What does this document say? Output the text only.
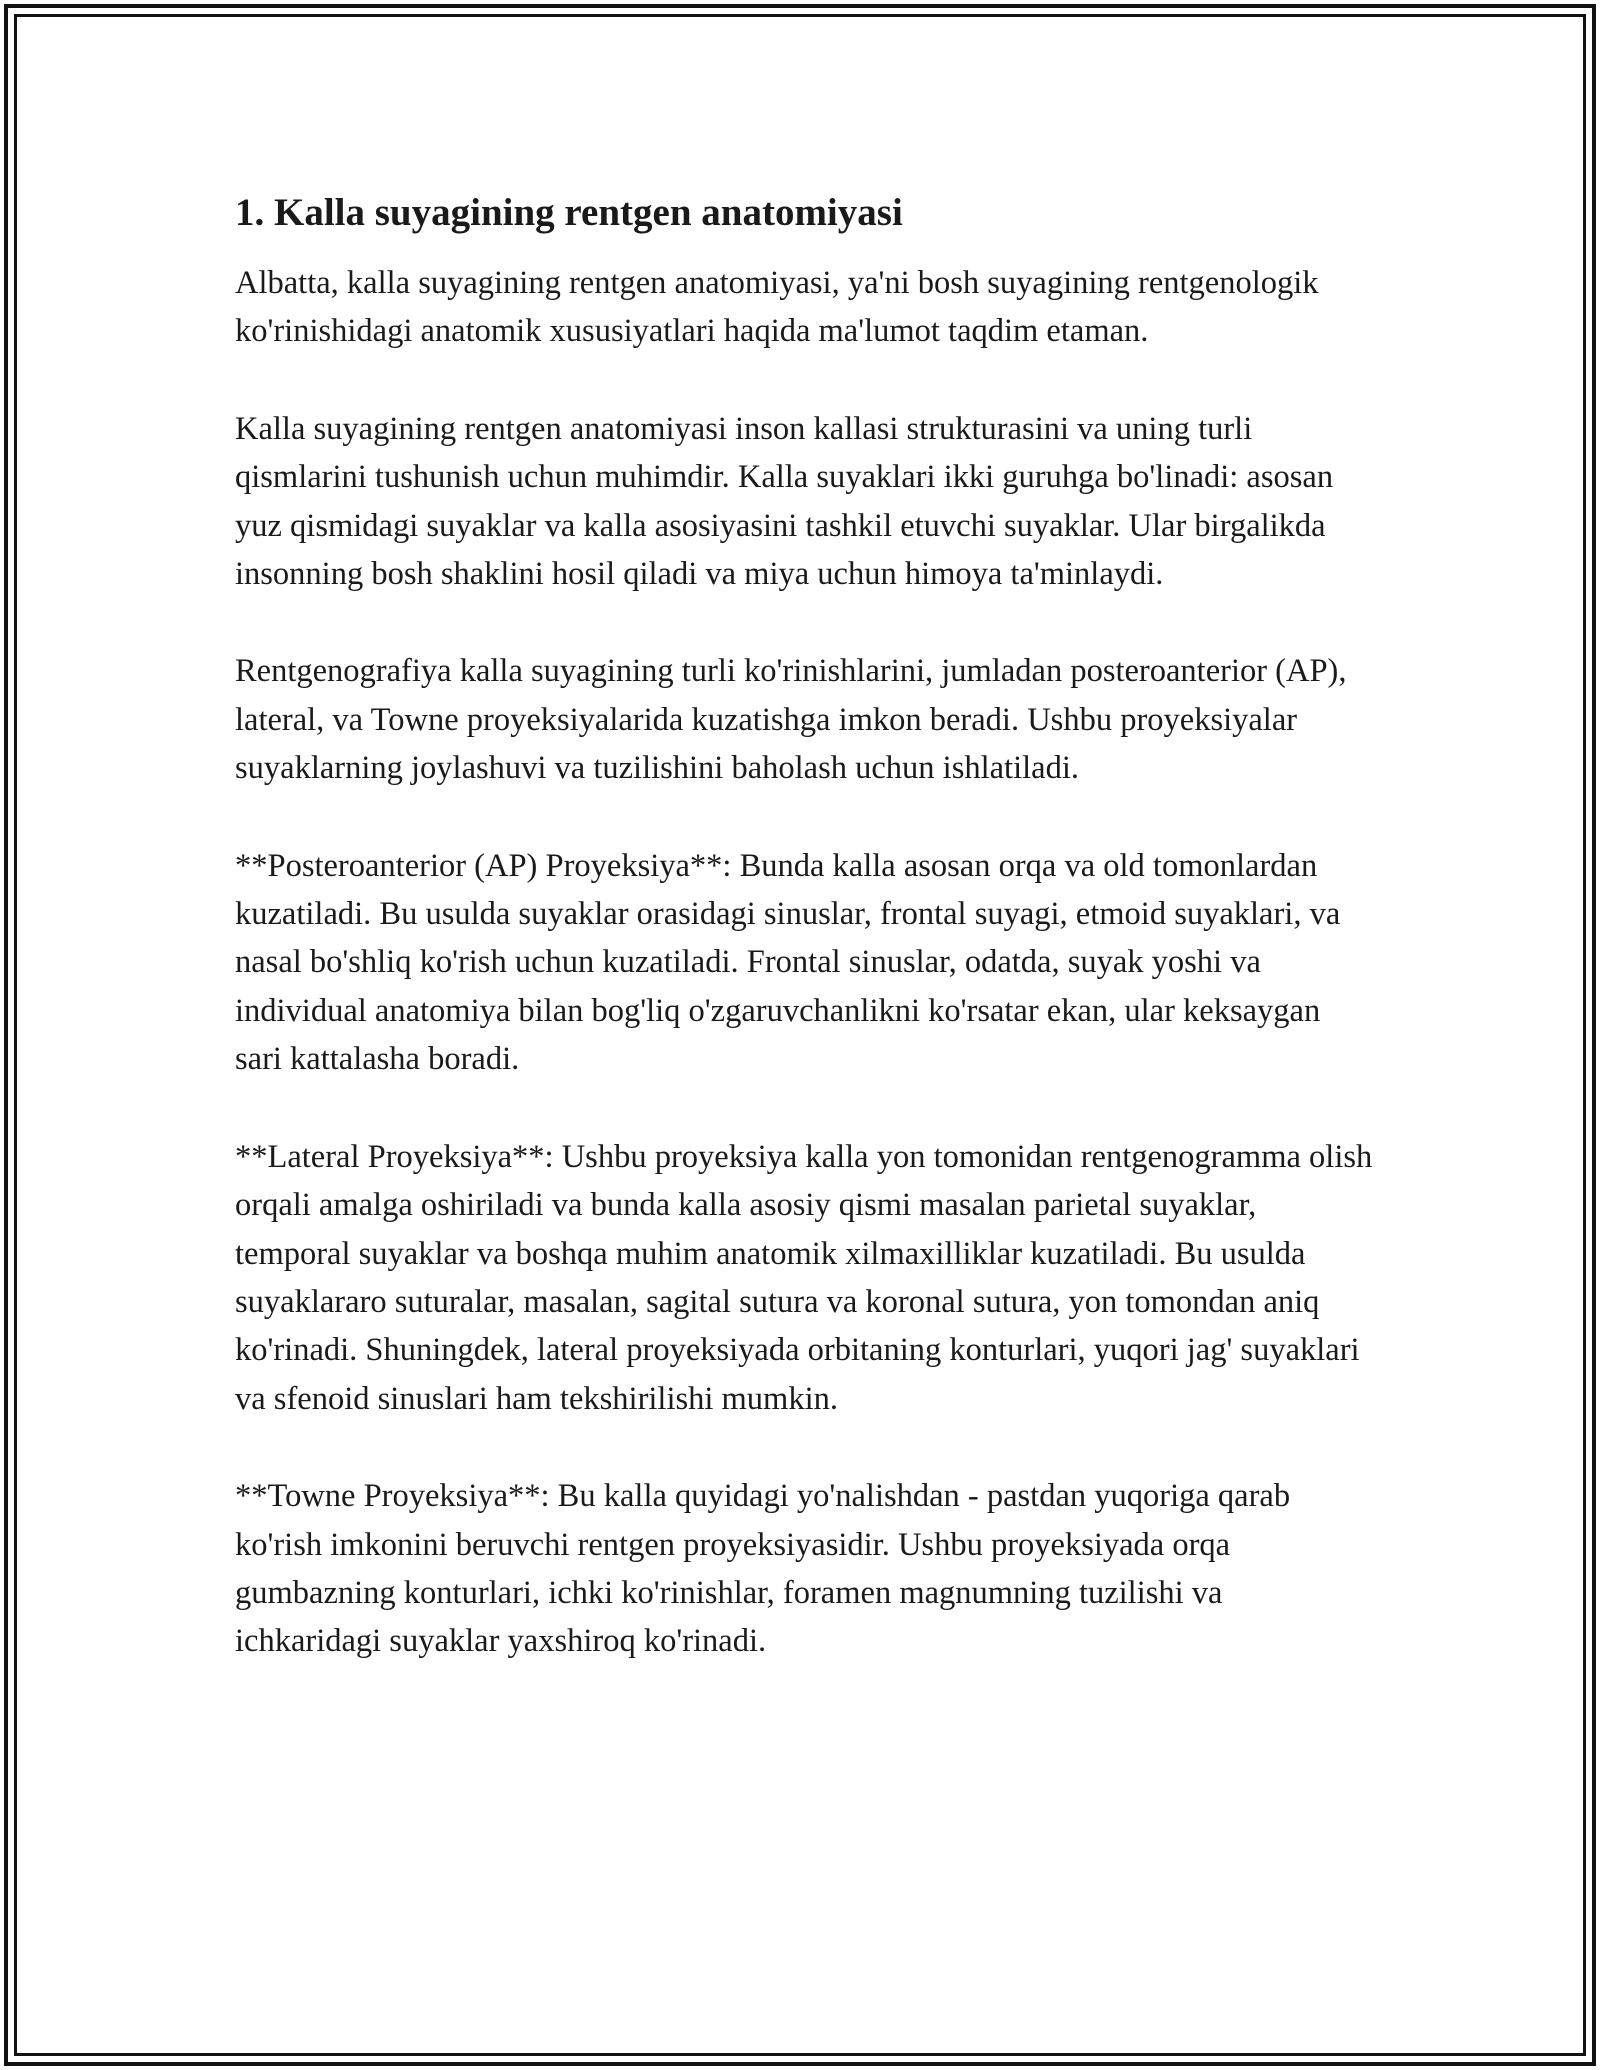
1. Kalla suyagining rentgen anatomiyasi

Albatta, kalla suyagining rentgen anatomiyasi, ya'ni bosh suyagining rentgenologik ko'rinishidagi anatomik xususiyatlari haqida ma'lumot taqdim etaman.

Kalla suyagining rentgen anatomiyasi inson kallasi strukturasini va uning turli qismlarini tushunish uchun muhimdir. Kalla suyaklari ikki guruhga bo'linadi: asosan yuz qismidagi suyaklar va kalla asosiyasini tashkil etuvchi suyaklar. Ular birgalikda insonning bosh shaklini hosil qiladi va miya uchun himoya ta'minlaydi.

Rentgenografiya kalla suyagining turli ko'rinishlarini, jumladan posteroanterior (AP), lateral, va Towne proyeksiyalarida kuzatishga imkon beradi. Ushbu proyeksiyalar suyaklarning joylashuvi va tuzilishini baholash uchun ishlatiladi.

**Posteroanterior (AP) Proyeksiya**: Bunda kalla asosan orqa va old tomonlardan kuzatiladi. Bu usulda suyaklar orasidagi sinuslar, frontal suyagi, etmoid suyaklari, va nasal bo'shliq ko'rish uchun kuzatiladi. Frontal sinuslar, odatda, suyak yoshi va individual anatomiya bilan bog'liq o'zgaruvchanlikni ko'rsatar ekan, ular keksaygan sari kattalasha boradi.

**Lateral Proyeksiya**: Ushbu proyeksiya kalla yon tomonidan rentgenogramma olish orqali amalga oshiriladi va bunda kalla asosiy qismi masalan parietal suyaklar, temporal suyaklar va boshqa muhim anatomik xilmaxilliklar kuzatiladi. Bu usulda suyaklararo suturalar, masalan, sagital sutura va koronal sutura, yon tomondan aniq ko'rinadi. Shuningdek, lateral proyeksiyada orbitaning konturlari, yuqori jag' suyaklari va sfenoid sinuslari ham tekshirilishi mumkin.

**Towne Proyeksiya**: Bu kalla quyidagi yo'nalishdan - pastdan yuqoriga qarab ko'rish imkonini beruvchi rentgen proyeksiyasidir. Ushbu proyeksiyada orqa gumbazning konturlari, ichki ko'rinishlar, foramen magnumning tuzilishi va ichkaridagi suyaklar yaxshiroq ko'rinadi.
